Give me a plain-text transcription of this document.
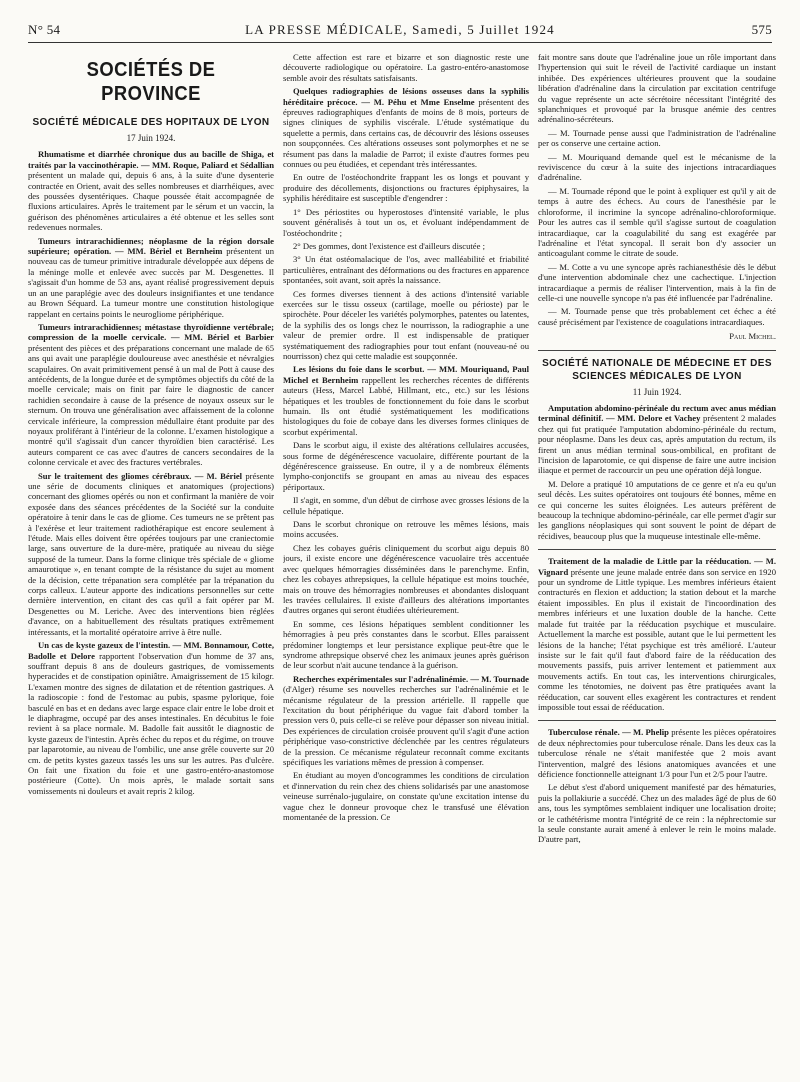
N° 54	LA PRESSE MÉDICALE, Samedi, 5 Juillet 1924	575
SOCIÉTÉS DE PROVINCE
SOCIÉTÉ MÉDICALE DES HOPITAUX DE LYON
17 Juin 1924.

Rhumatisme et diarrhée chronique dus au bacille de Shiga, et traités par la vaccinothérapie. — MM. Roque, Paliard et Sédallian présentent un malade qui, depuis 6 ans, à la suite d'une dysenterie contractée en Orient, avait des selles nombreuses et diarrhéiques, avec des poussées dysentériques. Chaque poussée était accompagnée de fluxions articulaires. Après le traitement par le sérum et un vaccin, la guérison des phénomènes articulaires a été obtenue et les selles sont redevenues normales.

Tumeurs intrarachidiennes; néoplasme de la région dorsale supérieure; opération. — MM. Bériel et Bernheim présentent un nouveau cas de tumeur primitive intradurale développée aux dépens de la méninge molle et enlevée avec succès par M. Desgenettes. Il s'agissait d'un homme de 53 ans, ayant réalisé progressivement depuis un an une paraplégie avec des douleurs insignifiantes et une tendance au Brown Séquard. La tumeur montre une constitution histologique rappelant en certains points le neurogliome périphérique.

Tumeurs intrarachidiennes; métastase thyroïdienne vertébrale; compression de la moelle cervicale. — MM. Bériel et Barbier présentent des pièces et des préparations concernant une malade de 65 ans qui avait une paraplégie douloureuse avec anesthésie et névralgies scapulaires. On avait primitivement pensé à un mal de Pott à cause des antécédents, de la longue durée et de symptômes objectifs du côté de la moelle cervicale; mais on finit par faire le diagnostic de cancer rachidien secondaire à cause de la présence de noyaux osseux sur le sternum. On trouva une généralisation avec affaissement de la colonne cervicale inférieure, la compression médullaire étant produite par des noyaux proliférant à l'intérieur de la colonne. L'examen histologique a montré qu'il s'agissait d'un cancer thyroïdien bien caractérisé. Les auteurs comparent ce cas avec d'autres de cancers secondaires de la colonne cervicale et avec des fractures vertébrales.

Sur le traitement des gliomes cérébraux. — M. Bériel présente une série de documents cliniques et anatomiques (projections) concernant des gliomes opérés ou non et confirmant la manière de voir exposée dans des séances précédentes de la Société sur la conduite opératoire à tenir dans le cas de gliome. Ces tumeurs ne se prêtent pas à l'exérèse et leur traitement radiothérapique est encore seulement à l'étude. Mais elles doivent être opérées toujours par une craniectomie large, sans ouverture de la dure-mère, pratiquée au niveau du siège supposé de la tumeur. Dans la forme clinique très spéciale de « gliome amaurotique », en tenant compte de la résistance du sujet au moment de la décision, cette trépanation sera complétée par la trépanation du corps calleux. L'auteur apporte des indications personnelles sur cette dernière intervention, en citant des cas qu'il a fait opérer par M. Desgenettes ou M. Leriche. Avec des interventions bien réglées d'avance, on a habituellement des résultats pratiques extrêmement intéressants, et la mortalité opératoire arrive à être nulle.

Un cas de kyste gazeux de l'intestin. — MM. Bonnamour, Cotte, Badolle et Delore rapportent l'observation d'un homme de 37 ans, souffrant depuis 8 ans de douleurs gastriques, de vomissements hyperacides et de constipation opiniâtre. Amaigrissement de 15 kilogr. L'examen montre des signes de dilatation et de rétention gastriques. A la radioscopie : fond de l'estomac au pubis, spasme pylorique, foie basculé en bas et en dedans avec large espace clair entre le lobe droit et le diaphragme, occupé par des anses intestinales. En décubitus le foie revient à sa place normale. M. Badolle fait aussitôt le diagnostic de kyste gazeux de l'intestin. Après échec du repos et du régime, on trouve par laparotomie, au niveau de l'ombilic, une anse grêle couverte sur 20 cm. de petits kystes gazeux tassés les uns sur les autres. Pas d'ulcère. On fait une fixation du foie et une gastro-entéro-anastomose postérieure (Cotte). Un mois après, le malade sortait sans vomissements ni douleurs et avait repris 2 kilog.

Cette affection est rare et bizarre et son diagnostic reste une découverte radiologique ou opératoire. La gastro-entéro-anastomose semble avoir des résultats satisfaisants.

Quelques radiographies de lésions osseuses dans la syphilis héréditaire précoce. — M. Péhu et Mme Enselme présentent des épreuves radiographiques d'enfants de moins de 8 mois, porteurs de signes cliniques de syphilis viscérale. L'étude systématique du squelette a permis, dans certains cas, de découvrir des lésions osseuses non soupçonnées. Ces altérations osseuses sont polymorphes et ne se résument pas dans la maladie de Parrot; il existe d'autres formes peu connues ou peu étudiées, et cependant très intéressantes.

En outre de l'ostéochondrite frappant les os longs et pouvant y produire des décollements, disjonctions ou fractures épiphysaires, la syphilis héréditaire est susceptible d'engendrer :

1° Des périostites ou hyperostoses d'intensité variable, le plus souvent généralisés à tout un os, et évoluant indépendamment de l'ostéochondrite ;

2° Des gommes, dont l'existence est d'ailleurs discutée ;

3° Un état ostéomalacique de l'os, avec malléabilité et friabilité particulières, entraînant des déformations ou des fractures en apparence spontanées, soit avant, soit après la naissance.

Ces formes diverses tiennent à des actions d'intensité variable exercées sur le tissu osseux (cartilage, moelle ou périoste) par le spirochète. Pour déceler les variétés polymorphes, patentes ou latentes, de la syphilis des os longs chez le nourrisson, la radiographie a une valeur de premier ordre. Il est indispensable de pratiquer systématiquement des radiographies pour tout enfant (nouveau-né ou nourrisson) chez qui cette maladie est soupçonnée.

Les lésions du foie dans le scorbut. — MM. Mouriquand, Paul Michel et Bernheim rappellent les recherches récentes de différents auteurs (Hess, Marcel Labbé, Hillmant, etc., etc.) sur les lésions hépatiques et les troubles de fonctionnement du foie dans le scorbut humain. Ils ont étudié systématiquement les modifications histologiques du foie de cobaye dans les diverses formes cliniques de scorbut expérimental.

Dans le scorbut aigu, il existe des altérations cellulaires accusées, sous forme de dégénérescence vacuolaire, différente pourtant de la dégénérescence graisseuse. En outre, il y a de nombreux éléments lympho-conjonctifs se groupant en amas au niveau des espaces périportaux.

Il s'agit, en somme, d'un début de cirrhose avec grosses lésions de la cellule hépatique.

Dans le scorbut chronique on retrouve les mêmes lésions, mais moins accusées.

Chez les cobayes guéris cliniquement du scorbut aigu depuis 80 jours, il existe encore une dégénérescence vacuolaire très accentuée avec quelques hémorragies disséminées dans le parenchyme. Enfin, chez les cobayes athrepsiques, la cellule hépatique est moins touchée, mais on trouve des hémorragies nombreuses et abondantes disloquant les travées cellulaires. Il existe d'ailleurs des altérations importantes d'autres organes qui seront étudiées ultérieurement.

En somme, ces lésions hépatiques semblent conditionner les hémorragies à peu près constantes dans le scorbut. Elles paraissent prédominer longtemps et leur persistance explique peut-être que le syndrome athrepsique observé chez les animaux jeunes après guérison de leur scorbut n'ait aucune tendance à la guérison.

Recherches expérimentales sur l'adrénalinémie. — M. Tournade (d'Alger) résume ses nouvelles recherches sur l'adrénalinémie et le mécanisme régulateur de la pression artérielle. Il rappelle que l'excitation du bout périphérique du vague fait d'abord tomber la pression vers 0, puis celle-ci se relève pour dépasser son niveau initial. Des expériences de circulation croisée prouvent qu'il s'agit d'une action périphérique vaso-constrictive déclenchée par les centres régulateurs de la pression. Ce mécanisme régulateur reconnaît comme excitants spécifiques les variations mêmes de pression à compenser.

En étudiant au moyen d'oncogrammes les conditions de circulation et d'innervation du rein chez des chiens solidarisés par une anastomose veineuse surrénalo-jugulaire, on constate qu'une excitation intense du vague chez le donneur provoque chez le transfusé une élévation momentanée de la pression. Ce

fait montre sans doute que l'adrénaline joue un rôle important dans l'hypertension qui suit le réveil de l'activité cardiaque un instant inhibée. Des expériences ultérieures prouvent que la soudaine libération d'adrénaline dans la circulation par excitation centrifuge du vague représente un acte sécrétoire nécessitant l'intégrité des splanchniques et provoqué par la brusque anémie des centres adrénalino-sécréteurs.

— M. Tournade pense aussi que l'administration de l'adrénaline per os conserve une certaine action.

— M. Mouriquand demande quel est le mécanisme de la reviviscence du cœur à la suite des injections intracardiaques d'adrénaline.

— M. Tournade répond que le point à expliquer est qu'il y ait de temps à autre des échecs. Au cours de l'anesthésie par le chloroforme, il incrimine la syncope adrénalino-chloroformique. Pour les autres cas il semble qu'il s'agisse surtout de coagulation intracardiaque, car la coagulabilité du sang est exagérée par l'adrénaline et l'état syncopal. Il serait bon d'y associer un anticoagulant comme le citrate de soude.

— M. Cotte a vu une syncope après rachianesthésie dès le début d'une intervention abdominale chez une cachectique. L'injection intracardiaque a permis de réaliser l'intervention, mais à la fin de celle-ci une nouvelle syncope n'a pas été influencée par l'adrénaline.

— M. Tournade pense que très probablement cet échec a été causé précisément par l'existence de coagulations intracardiaques.

Paul Michel.
SOCIÉTÉ NATIONALE DE MÉDECINE ET DES SCIENCES MÉDICALES DE LYON
11 Juin 1924.

Amputation abdomino-périnéale du rectum avec anus médian terminal définitif. — MM. Delore et Vachey présentent 2 malades chez qui fut pratiquée l'amputation abdomino-périnéale du rectum, pour néoplasme. Dans les deux cas, après amputation du rectum, ils firent un anus médian terminal sous-ombilical, en profitant de l'incision de laparotomie, ce qui dispense de faire une autre incision iliaque et permet de raccourcir un peu une opération déjà longue.

M. Delore a pratiqué 10 amputations de ce genre et n'a eu qu'un seul décès. Les suites opératoires ont toujours été bonnes, même en ce qui concerne les suites éloignées. Les auteurs préfèrent de beaucoup la technique abdomino-périnéale, car elle permet d'agir sur les ganglions néoplasiques qui sont souvent le point de départ de récidives, beaucoup plus que la muqueuse intestinale elle-même.

Traitement de la maladie de Little par la rééducation. — M. Vignard présente une jeune malade entrée dans son service en 1920 pour un syndrome de Little typique. Les membres inférieurs étaient contracturés en flexion et adduction; la station debout et la marche étaient impossibles. En plus il existait de l'incoordination des membres inférieurs et une luxation double de la hanche. Cette malade fut traitée par la rééducation psychique et musculaire. Actuellement la marche est possible, autant que le lui permettent les lésions de la hanche; l'état psychique est très amélioré. L'auteur insiste sur le fait qu'il faut d'abord faire de la rééducation des mouvements passifs, puis arriver lentement et patiemment aux mouvements actifs. En tout cas, les interventions chirurgicales, comme les ténotomies, ne doivent pas être pratiquées avant la rééducation, car souvent elles exagèrent les contractures et rendent impossible tout essai de rééducation.

Tuberculose rénale. — M. Phelip présente les pièces opératoires de deux néphrectomies pour tuberculose rénale. Dans les deux cas la tuberculose rénale ne s'était manifestée que 2 mois avant l'intervention, malgré des lésions anatomiques avancées et une déficience fonctionnelle atteignant 1/3 pour l'un et 2/5 pour l'autre.

Le début s'est d'abord uniquement manifesté par des hématuries, puis la pollakiurie a succédé. Chez un des malades âgé de plus de 60 ans, tous les symptômes semblaient indiquer une localisation droite; or le cathétérisme montra l'intégrité de ce rein : la néphrectomie sur la seule constante aurait amené à enlever le rein le moins malade. D'autre part,
